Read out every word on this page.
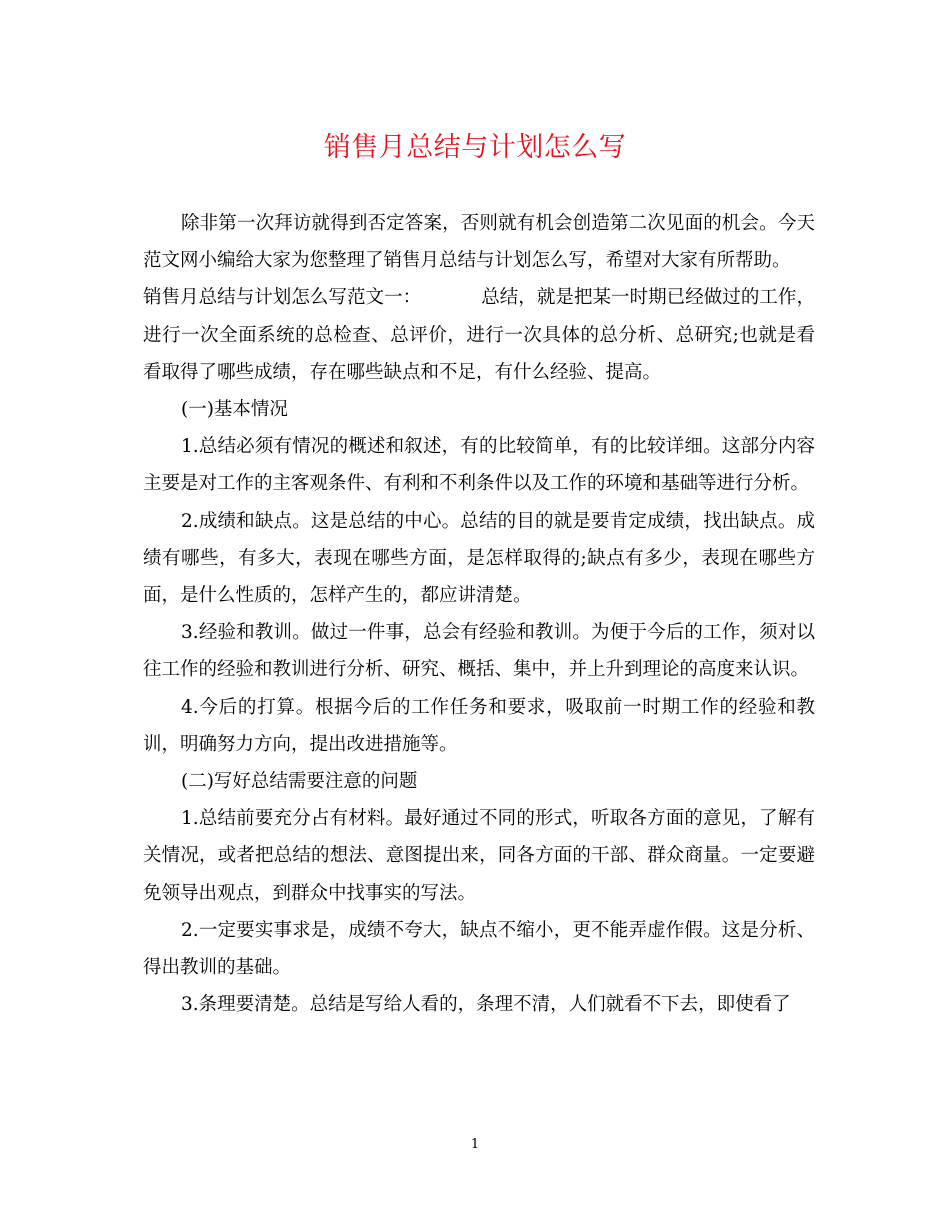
销售月总结与计划怎么写

除非第一次拜访就得到否定答案，否则就有机会创造第二次见面的机会。今天范文网小编给大家为您整理了销售月总结与计划怎么写，希望对大家有所帮助。

销售月总结与计划怎么写范文一：	总结，就是把某一时期已经做过的工作，进行一次全面系统的总检查、总评价，进行一次具体的总分析、总研究;也就是看看取得了哪些成绩，存在哪些缺点和不足，有什么经验、提高。

(一)基本情况

1.总结必须有情况的概述和叙述，有的比较简单，有的比较详细。这部分内容主要是对工作的主客观条件、有利和不利条件以及工作的环境和基础等进行分析。

2.成绩和缺点。这是总结的中心。总结的目的就是要肯定成绩，找出缺点。成绩有哪些，有多大，表现在哪些方面，是怎样取得的;缺点有多少，表现在哪些方面，是什么性质的，怎样产生的，都应讲清楚。

3.经验和教训。做过一件事，总会有经验和教训。为便于今后的工作，须对以往工作的经验和教训进行分析、研究、概括、集中，并上升到理论的高度来认识。

4.今后的打算。根据今后的工作任务和要求，吸取前一时期工作的经验和教训，明确努力方向，提出改进措施等。

(二)写好总结需要注意的问题

1.总结前要充分占有材料。最好通过不同的形式，听取各方面的意见，了解有关情况，或者把总结的想法、意图提出来，同各方面的干部、群众商量。一定要避免领导出观点，到群众中找事实的写法。

2.一定要实事求是，成绩不夸大，缺点不缩小，更不能弄虚作假。这是分析、得出教训的基础。

3.条理要清楚。总结是写给人看的，条理不清，人们就看不下去，即使看了

1
